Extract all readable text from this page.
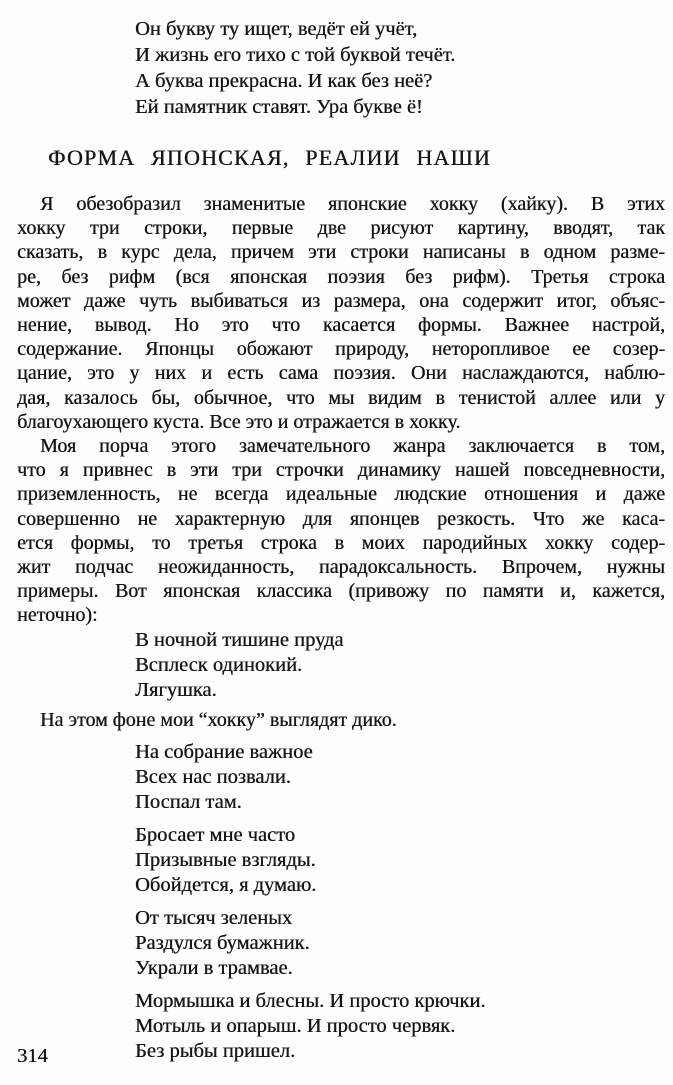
Он букву ту ищет, ведёт ей учёт,
И жизнь его тихо с той буквой течёт.
А буква прекрасна. И как без неё?
Ей памятник ставят. Ура букве ё!
ФОРМА ЯПОНСКАЯ, РЕАЛИИ НАШИ
Я обезобразил знаменитые японские хокку (хайку). В этих
хокку три строки, первые две рисуют картину, вводят, так
сказать, в курс дела, причем эти строки написаны в одном разме-
ре, без рифм (вся японская поэзия без рифм). Третья строка
может даже чуть выбиваться из размера, она содержит итог, объяс-
нение, вывод. Но это что касается формы. Важнее настрой,
содержание. Японцы обожают природу, неторопливое ее созер-
цание, это у них и есть сама поэзия. Они наслаждаются, наблю-
дая, казалось бы, обычное, что мы видим в тенистой аллее или у
благоухающего куста. Все это и отражается в хокку.
Моя порча этого замечательного жанра заключается в том,
что я привнес в эти три строчки динамику нашей повседневности,
приземленность, не всегда идеальные людские отношения и даже
совершенно не характерную для японцев резкость. Что же каса-
ется формы, то третья строка в моих пародийных хокку содер-
жит подчас неожиданность, парадоксальность. Впрочем, нужны
примеры. Вот японская классика (привожу по памяти и, кажется,
неточно):
В ночной тишине пруда
Всплеск одинокий.
Лягушка.
На этом фоне мои “хокку” выглядят дико.
На собрание важное
Всех нас позвали.
Поспал там.
Бросает мне часто
Призывные взгляды.
Обойдется, я думаю.
От тысяч зеленых
Раздулся бумажник.
Украли в трамвае.
Мормышка и блесны. И просто крючки.
Мотыль и опарыш. И просто червяк.
Без рыбы пришел.
314
